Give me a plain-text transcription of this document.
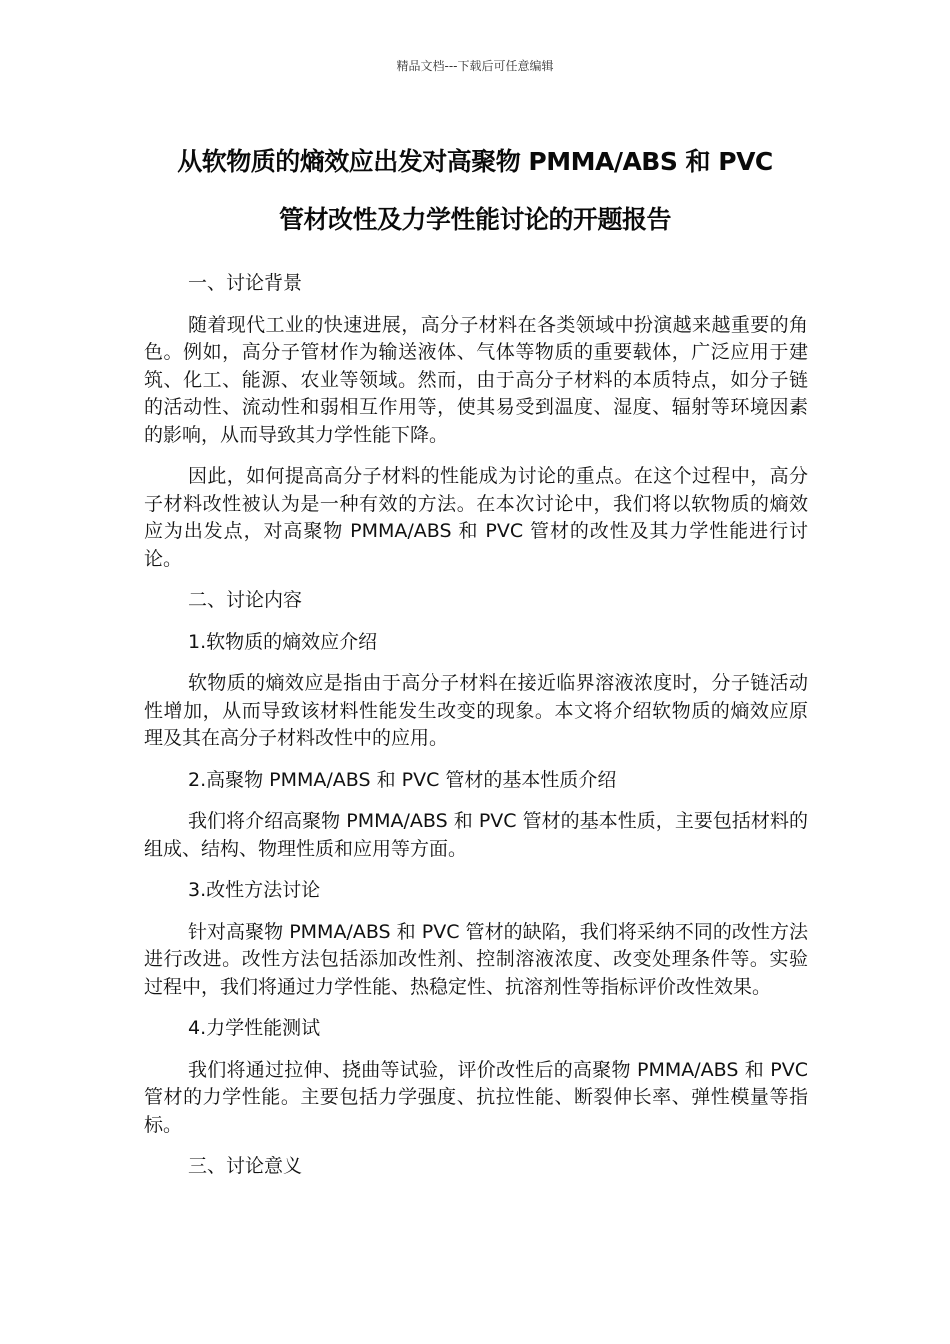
精品文档---下载后可任意编辑
从软物质的熵效应出发对高聚物 PMMA/ABS 和 PVC
管材改性及力学性能讨论的开题报告

一、讨论背景

随着现代工业的快速进展，高分子材料在各类领域中扮演越来越重要的角色。例如，高分子管材作为输送液体、气体等物质的重要载体，广泛应用于建筑、化工、能源、农业等领域。然而，由于高分子材料的本质特点，如分子链的活动性、流动性和弱相互作用等，使其易受到温度、湿度、辐射等环境因素的影响，从而导致其力学性能下降。

因此，如何提高高分子材料的性能成为讨论的重点。在这个过程中，高分子材料改性被认为是一种有效的方法。在本次讨论中，我们将以软物质的熵效应为出发点，对高聚物 PMMA/ABS 和 PVC 管材的改性及其力学性能进行讨论。

二、讨论内容

1.软物质的熵效应介绍

软物质的熵效应是指由于高分子材料在接近临界溶液浓度时，分子链活动性增加，从而导致该材料性能发生改变的现象。本文将介绍软物质的熵效应原理及其在高分子材料改性中的应用。

2.高聚物 PMMA/ABS 和 PVC 管材的基本性质介绍

我们将介绍高聚物 PMMA/ABS 和 PVC 管材的基本性质，主要包括材料的组成、结构、物理性质和应用等方面。

3.改性方法讨论

针对高聚物 PMMA/ABS 和 PVC 管材的缺陷，我们将采纳不同的改性方法进行改进。改性方法包括添加改性剂、控制溶液浓度、改变处理条件等。实验过程中，我们将通过力学性能、热稳定性、抗溶剂性等指标评价改性效果。

4.力学性能测试

我们将通过拉伸、挠曲等试验，评价改性后的高聚物 PMMA/ABS 和 PVC 管材的力学性能。主要包括力学强度、抗拉性能、断裂伸长率、弹性模量等指标。

三、讨论意义
